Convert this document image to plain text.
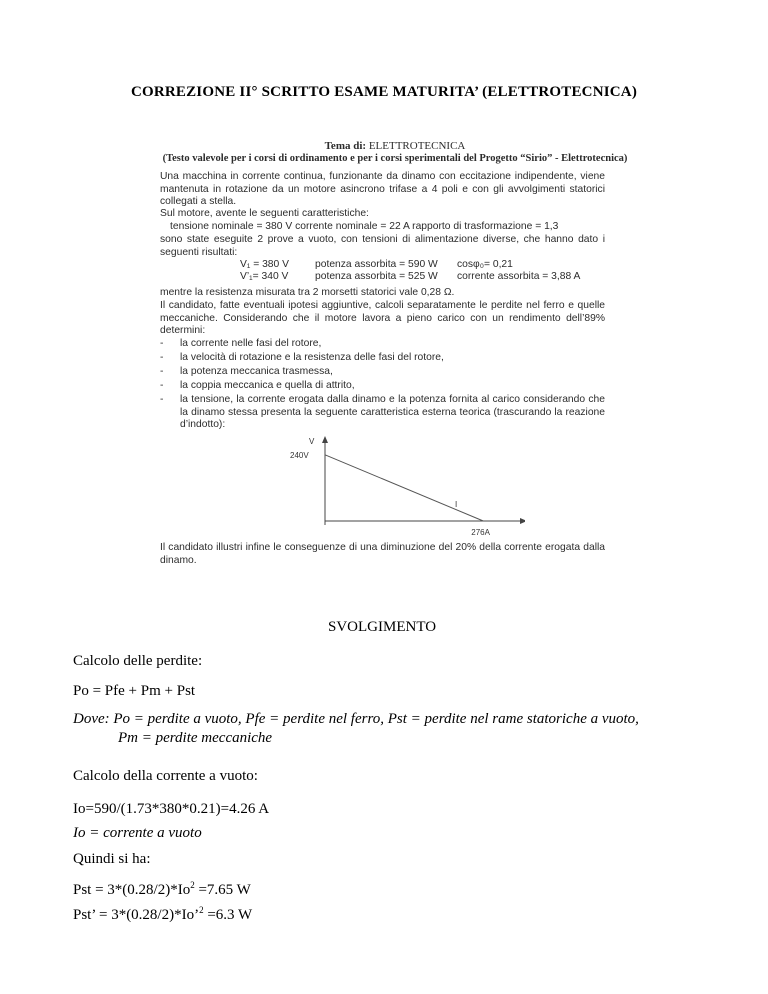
CORREZIONE II° SCRITTO ESAME MATURITA’ (ELETTROTECNICA)
Tema di: ELETTROTECNICA
(Testo valevole per i corsi di ordinamento e per i corsi sperimentali del Progetto “Sirio” - Elettrotecnica)
Una macchina in corrente continua, funzionante da dinamo con eccitazione indipendente, viene mantenuta in rotazione da un motore asincrono trifase a 4 poli e con gli avvolgimenti statorici collegati a stella.
Sul motore, avente le seguenti caratteristiche:
tensione nominale = 380 V corrente nominale = 22 A rapporto di trasformazione = 1,3
sono state eseguite 2 prove a vuoto, con tensioni di alimentazione diverse, che hanno dato i seguenti risultati:
V₁ = 380 V	potenza assorbita = 590 W cosφ₀= 0,21
V’₁= 340 V	potenza assorbita = 525 W corrente assorbita = 3,88 A
mentre la resistenza misurata tra 2 morsetti statorici vale 0,28 Ω.
Il candidato, fatte eventuali ipotesi aggiuntive, calcoli separatamente le perdite nel ferro e quelle meccaniche. Considerando che il motore lavora a pieno carico con un rendimento dell’89% determini:
- la corrente nelle fasi del rotore,
- la velocità di rotazione e la resistenza delle fasi del rotore,
- la potenza meccanica trasmessa,
- la coppia meccanica e quella di attrito,
- la tensione, la corrente erogata dalla dinamo e la potenza fornita al carico considerando che la dinamo stessa presenta la seguente caratteristica esterna teorica (trascurando la reazione d’indotto):
Il candidato illustri infine le conseguenze di una diminuzione del 20% della corrente erogata dalla dinamo.
V
I
240V
276A
SVOLGIMENTO
Calcolo delle perdite:
Po = Pfe + Pm + Pst
Dove: Po = perdite a vuoto, Pfe = perdite nel ferro, Pst = perdite nel rame statoriche a vuoto,
Pm = perdite meccaniche
Calcolo della corrente a vuoto:
Io=590/(1.73*380*0.21)=4.26 A
Io = corrente a vuoto
Quindi si ha:
Pst = $3*(0.28/2)*Io^2 =7.65$ W
Pst’ = 3*(0.28/2)*Io’$^2$ =6.3 W
